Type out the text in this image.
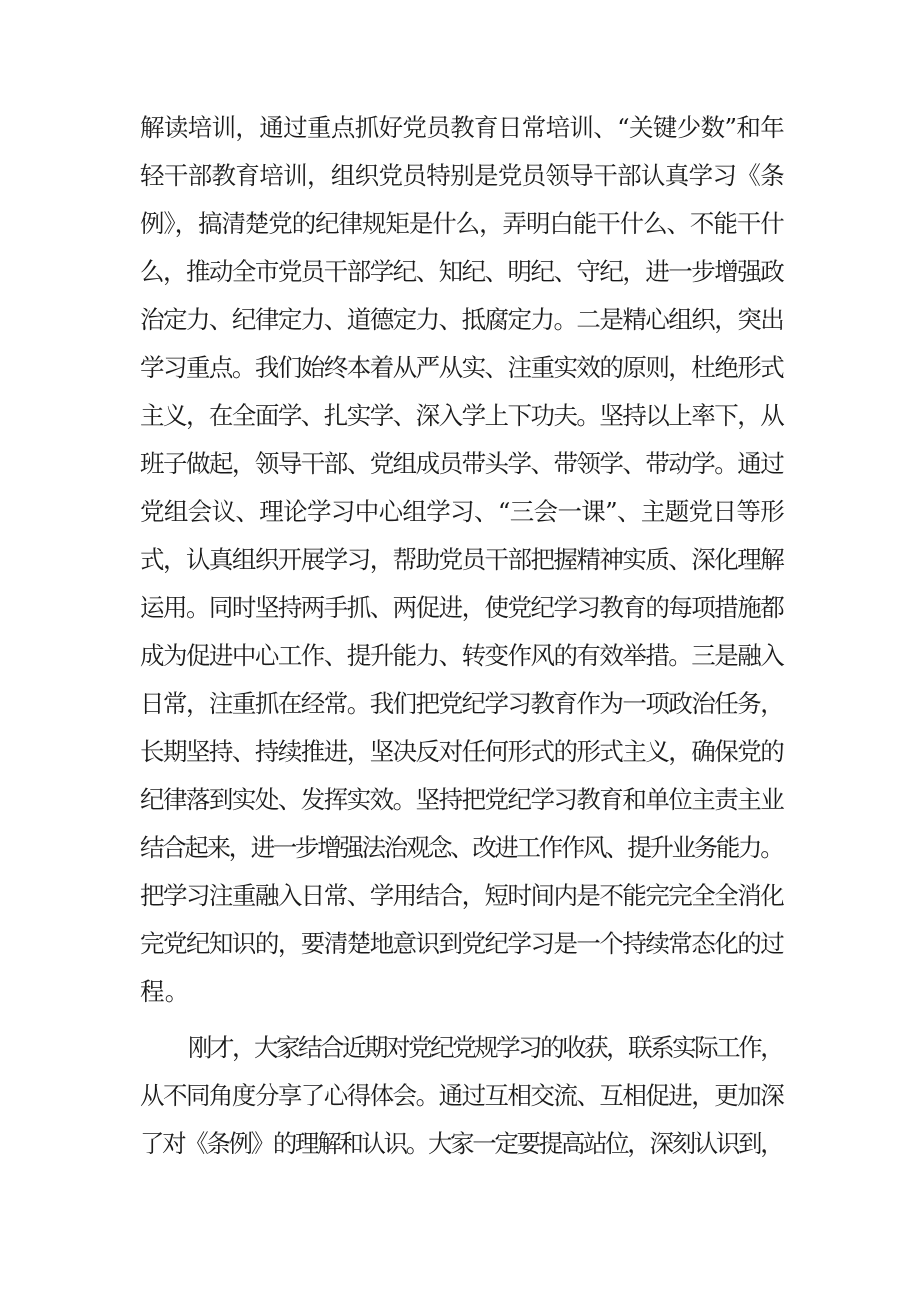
解读培训，通过重点抓好党员教育日常培训、“关键少数”和年
轻干部教育培训，组织党员特别是党员领导干部认真学习《条
例》，搞清楚党的纪律规矩是什么，弄明白能干什么、不能干什
么，推动全市党员干部学纪、知纪、明纪、守纪，进一步增强政
治定力、纪律定力、道德定力、抵腐定力。二是精心组织，突出
学习重点。我们始终本着从严从实、注重实效的原则，杜绝形式
主义，在全面学、扎实学、深入学上下功夫。坚持以上率下，从
班子做起，领导干部、党组成员带头学、带领学、带动学。通过
党组会议、理论学习中心组学习、“三会一课”、主题党日等形
式，认真组织开展学习，帮助党员干部把握精神实质、深化理解
运用。同时坚持两手抓、两促进，使党纪学习教育的每项措施都
成为促进中心工作、提升能力、转变作风的有效举措。三是融入
日常，注重抓在经常。我们把党纪学习教育作为一项政治任务，
长期坚持、持续推进，坚决反对任何形式的形式主义，确保党的
纪律落到实处、发挥实效。坚持把党纪学习教育和单位主责主业
结合起来，进一步增强法治观念、改进工作作风、提升业务能力。
把学习注重融入日常、学用结合，短时间内是不能完完全全消化
完党纪知识的，要清楚地意识到党纪学习是一个持续常态化的过
程。
刚才，大家结合近期对党纪党规学习的收获，联系实际工作，
从不同角度分享了心得体会。通过互相交流、互相促进，更加深
了对《条例》的理解和认识。大家一定要提高站位，深刻认识到，
